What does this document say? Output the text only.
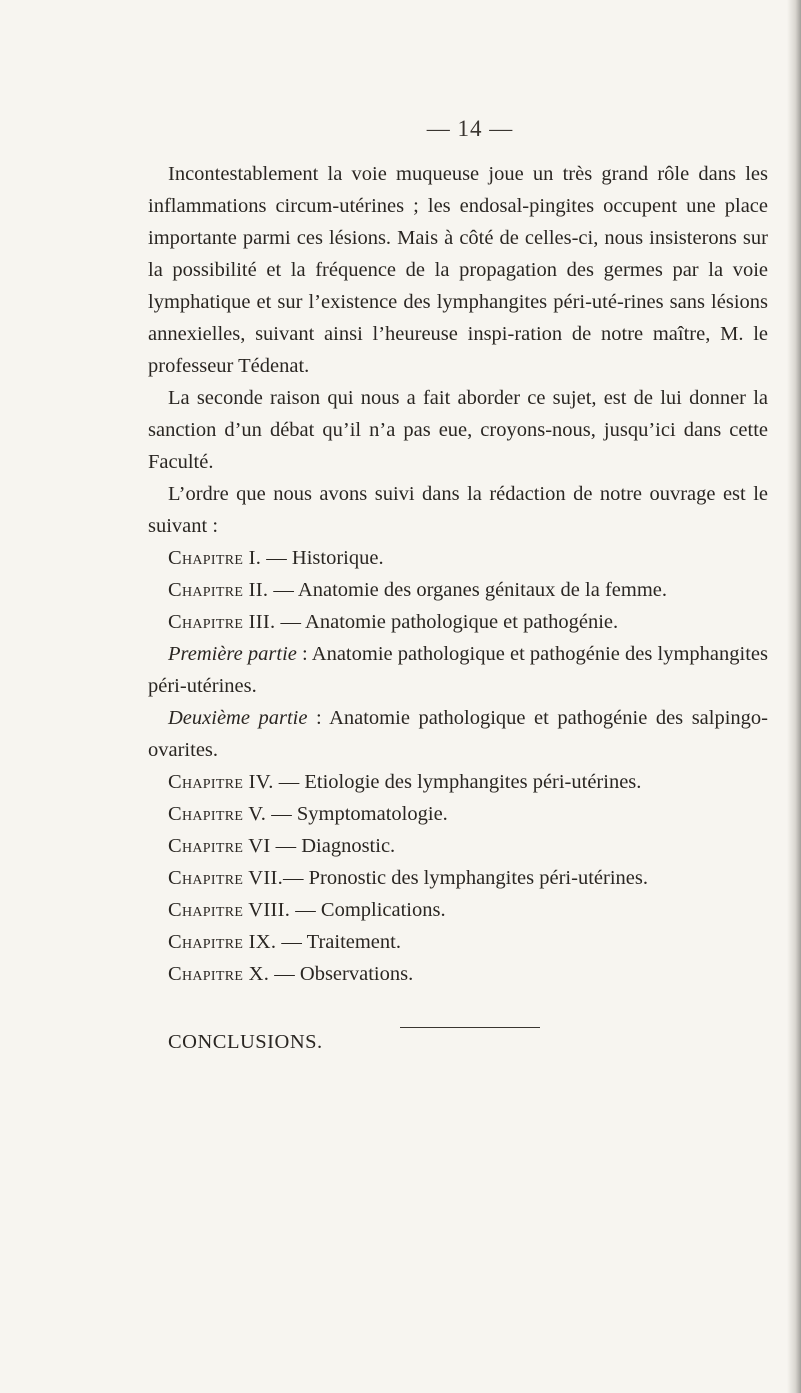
— 14 —

Incontestablement la voie muqueuse joue un très grand rôle dans les inflammations circum-utérines ; les endosal-pingites occupent une place importante parmi ces lésions. Mais à côté de celles-ci, nous insisterons sur la possibilité et la fréquence de la propagation des germes par la voie lymphatique et sur l’existence des lymphangites péri-uté-rines sans lésions annexielles, suivant ainsi l’heureuse inspi-ration de notre maître, M. le professeur Tédenat.

La seconde raison qui nous a fait aborder ce sujet, est de lui donner la sanction d’un débat qu’il n’a pas eue, croyons-nous, jusqu’ici dans cette Faculté.

L’ordre que nous avons suivi dans la rédaction de notre ouvrage est le suivant :

Chapitre I. — Historique.

Chapitre II. — Anatomie des organes génitaux de la femme.

Chapitre III. — Anatomie pathologique et pathogénie.

Première partie : Anatomie pathologique et pathogénie des lymphangites péri-utérines.

Deuxième partie : Anatomie pathologique et pathogénie des salpingo-ovarites.

Chapitre IV. — Etiologie des lymphangites péri-utérines.

Chapitre V. — Symptomatologie.

Chapitre VI — Diagnostic.

Chapitre VII.— Pronostic des lymphangites péri-utérines.

Chapitre VIII. — Complications.

Chapitre IX. — Traitement.

Chapitre X. — Observations.

CONCLUSIONS.
